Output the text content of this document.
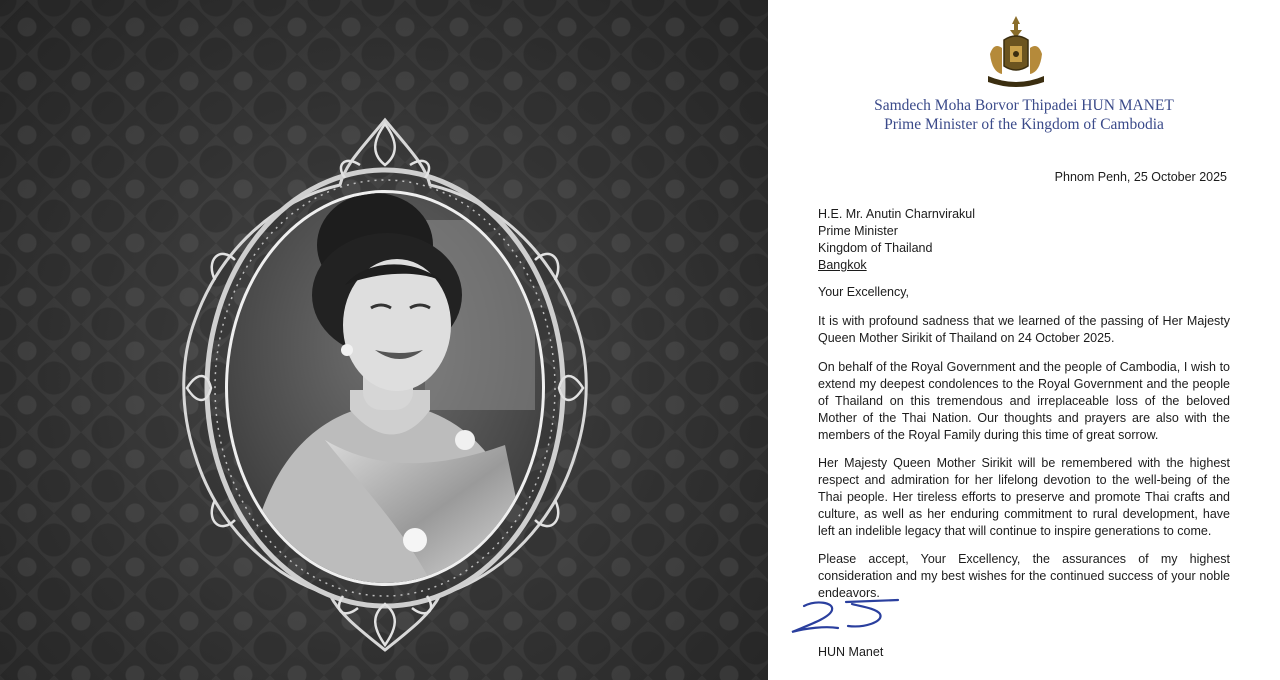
Samdech Moha Borvor Thipadei HUN MANET
Prime Minister of the Kingdom of Cambodia
Phnom Penh, 25 October 2025
H.E. Mr. Anutin Charnvirakul
Prime Minister
Kingdom of Thailand
Bangkok
Your Excellency,

It is with profound sadness that we learned of the passing of Her Majesty Queen Mother Sirikit of Thailand on 24 October 2025.

On behalf of the Royal Government and the people of Cambodia, I wish to extend my deepest condolences to the Royal Government and the people of Thailand on this tremendous and irreplaceable loss of the beloved Mother of the Thai Nation. Our thoughts and prayers are also with the members of the Royal Family during this time of great sorrow.

Her Majesty Queen Mother Sirikit will be remembered with the highest respect and admiration for her lifelong devotion to the well-being of the Thai people. Her tireless efforts to preserve and promote Thai crafts and culture, as well as her enduring commitment to rural development, have left an indelible legacy that will continue to inspire generations to come.

Please accept, Your Excellency, the assurances of my highest consideration and my best wishes for the continued success of your noble endeavors.

HUN Manet
